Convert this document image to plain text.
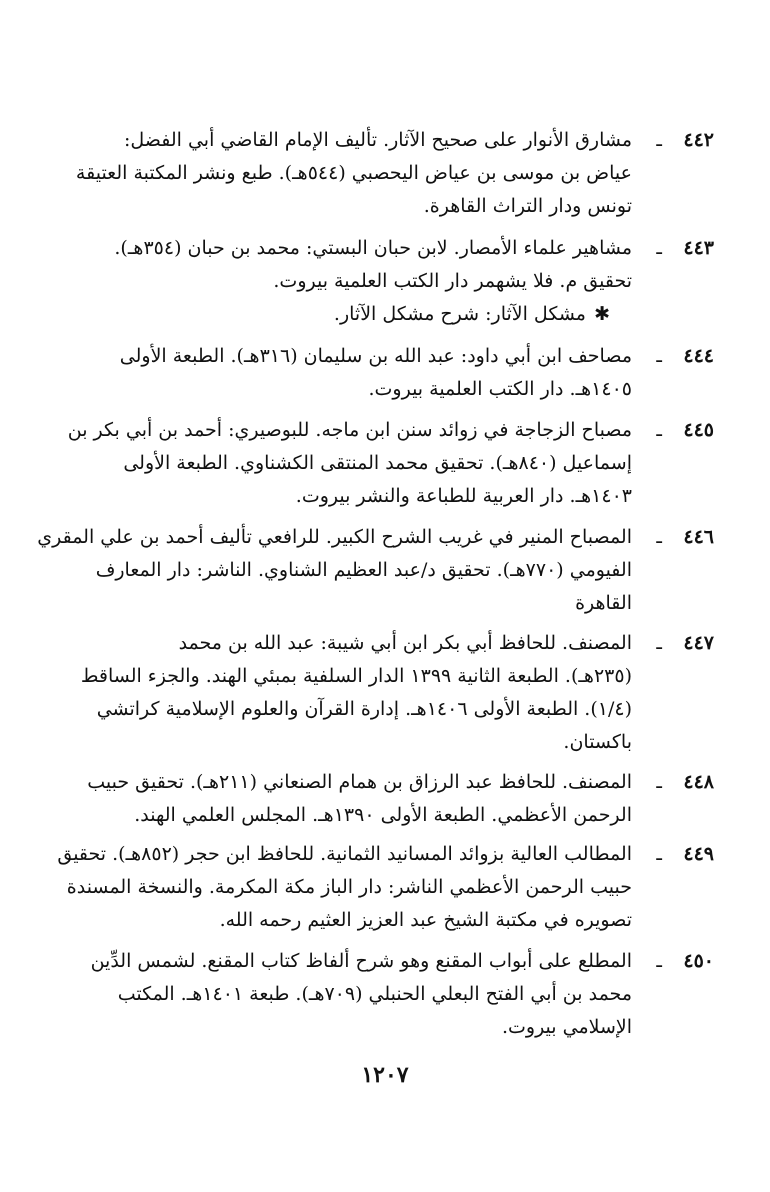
٤٤٢
ـ
مشارق الأنوار على صحيح الآثار. تأليف الإمام القاضي أبي الفضل:
عياض بن موسى بن عياض اليحصبي (٥٤٤هـ). طبع ونشر المكتبة العتيقة
تونس ودار التراث القاهرة.
٤٤٣
ـ
مشاهير علماء الأمصار. لابن حبان البستي: محمد بن حبان (٣٥٤هـ).
تحقيق م. فلا يشهمر دار الكتب العلمية بيروت.
✱ مشكل الآثار: شرح مشكل الآثار.
٤٤٤
ـ
مصاحف ابن أبي داود: عبد الله بن سليمان (٣١٦هـ). الطبعة الأولى
١٤٠٥هـ. دار الكتب العلمية بيروت.
٤٤٥
ـ
مصباح الزجاجة في زوائد سنن ابن ماجه. للبوصيري: أحمد بن أبي بكر بن
إسماعيل (٨٤٠هـ). تحقيق محمد المنتقى الكشناوي. الطبعة الأولى
١٤٠٣هـ. دار العربية للطباعة والنشر بيروت.
٤٤٦
ـ
المصباح المنير في غريب الشرح الكبير. للرافعي تأليف أحمد بن علي المقري
الفيومي (٧٧٠هـ). تحقيق د/عبد العظيم الشناوي. الناشر: دار المعارف
القاهرة
٤٤٧
ـ
المصنف. للحافظ أبي بكر ابن أبي شيبة: عبد الله بن محمد
(٢٣٥هـ). الطبعة الثانية ١٣٩٩ الدار السلفية بمبئي الهند. والجزء الساقط
(١/٤). الطبعة الأولى ١٤٠٦هـ. إدارة القرآن والعلوم الإسلامية كراتشي
باكستان.
٤٤٨
ـ
المصنف. للحافظ عبد الرزاق بن همام الصنعاني (٢١١هـ). تحقيق حبيب
الرحمن الأعظمي. الطبعة الأولى ١٣٩٠هـ. المجلس العلمي الهند.
٤٤٩
ـ
المطالب العالية بزوائد المسانيد الثمانية. للحافظ ابن حجر (٨٥٢هـ). تحقيق
حبيب الرحمن الأعظمي الناشر: دار الباز مكة المكرمة. والنسخة المسندة
تصويره في مكتبة الشيخ عبد العزيز العثيم رحمه الله.
٤٥٠
ـ
المطلع على أبواب المقنع وهو شرح ألفاظ كتاب المقنع. لشمس الدِّين
محمد بن أبي الفتح البعلي الحنبلي (٧٠٩هـ). طبعة ١٤٠١هـ. المكتب
الإسلامي بيروت.
١٢٠٧
